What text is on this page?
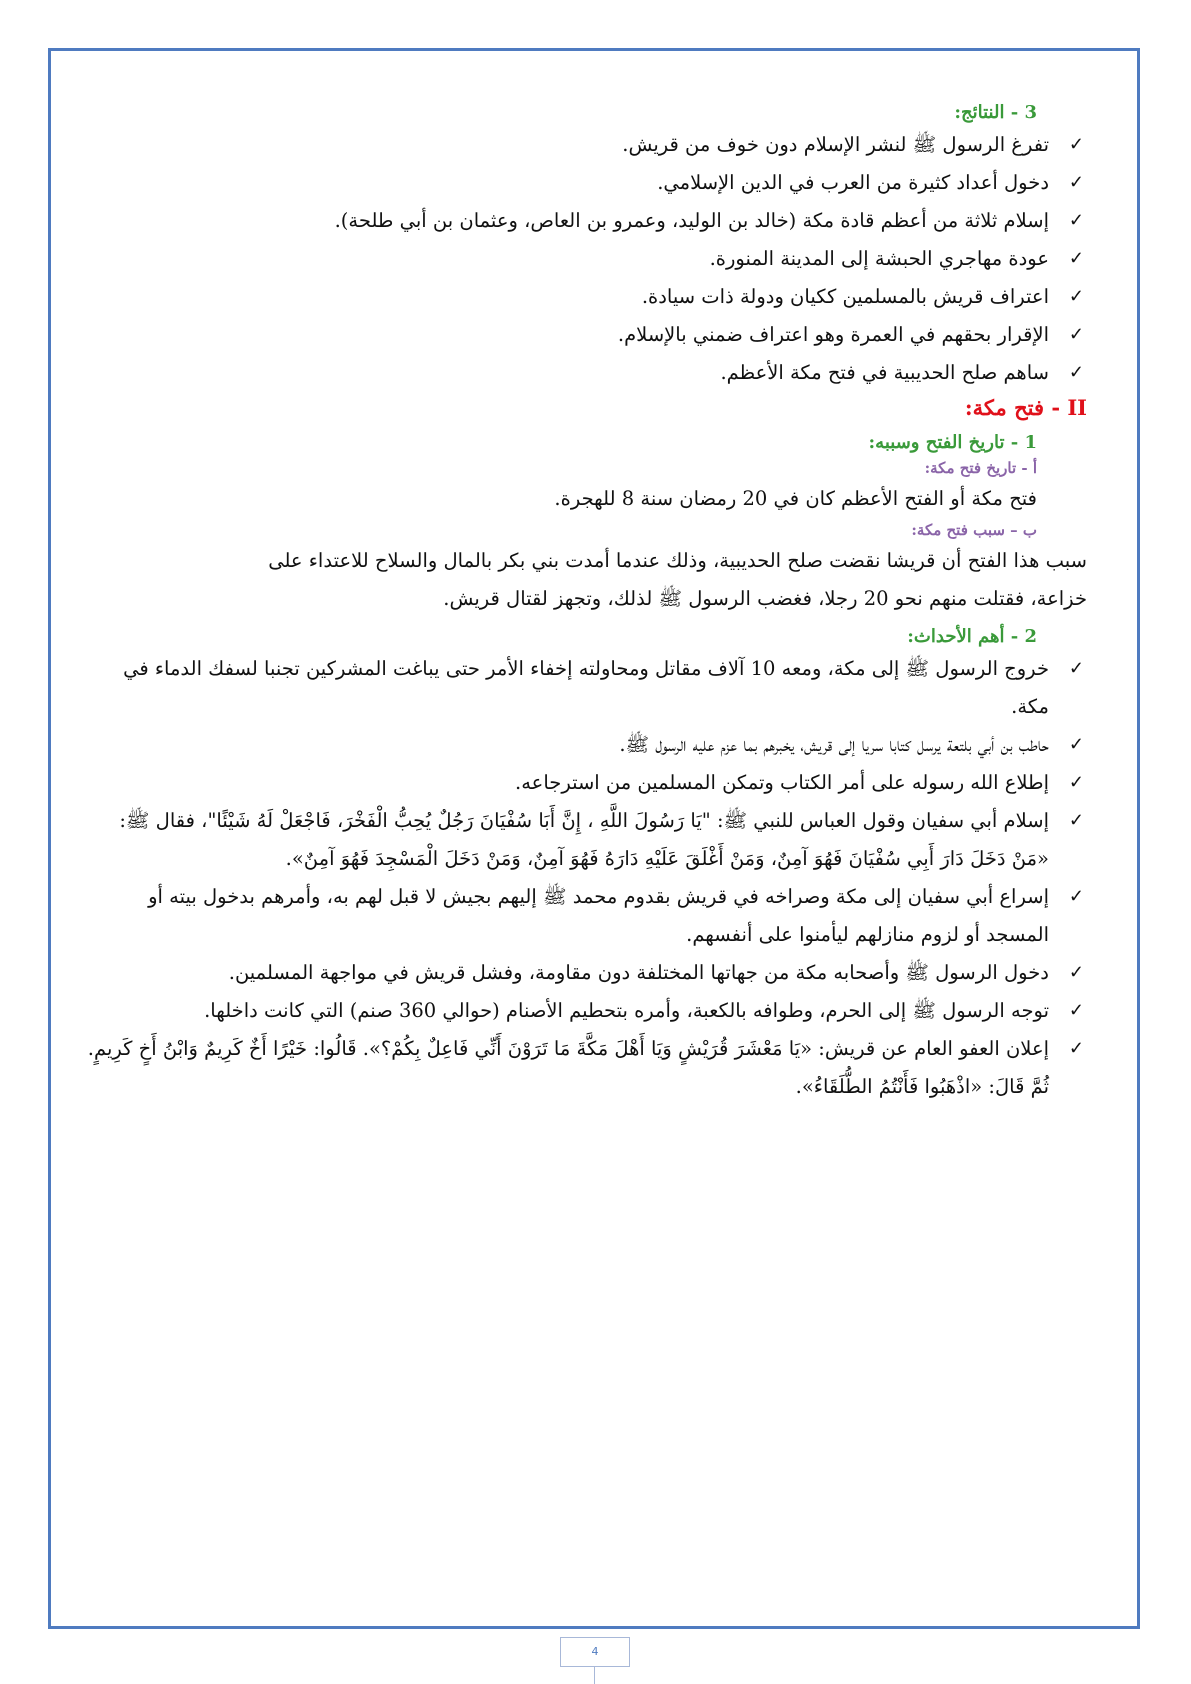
3 - النتائج:
✓
تفرغ الرسول ﷺ لنشر الإسلام دون خوف من قريش.
✓
دخول أعداد كثيرة من العرب في الدين الإسلامي.
✓
إسلام ثلاثة من أعظم قادة مكة (خالد بن الوليد، وعمرو بن العاص، وعثمان بن أبي طلحة).
✓
عودة مهاجري الحبشة إلى المدينة المنورة.
✓
اعتراف قريش بالمسلمين ككيان ودولة ذات سيادة.
✓
الإقرار بحقهم في العمرة وهو اعتراف ضمني بالإسلام.
✓
ساهم صلح الحديبية في فتح مكة الأعظم.
II - فتح مكة:
1 - تاريخ الفتح وسببه:
أ - تاريخ فتح مكة:
فتح مكة أو الفتح الأعظم كان في 20 رمضان سنة 8 للهجرة.
ب – سبب فتح مكة:
سبب هذا الفتح أن قريشا نقضت صلح الحديبية، وذلك عندما أمدت بني بكر بالمال والسلاح للاعتداء على
خزاعة، فقتلت منهم نحو 20 رجلا، فغضب الرسول ﷺ لذلك، وتجهز لقتال قريش.
2 - أهم الأحداث:
✓
خروج الرسول ﷺ إلى مكة، ومعه 10 آلاف مقاتل ومحاولته إخفاء الأمر حتى يباغت المشركين تجنبا لسفك الدماء في مكة.
✓
حاطب بن أبي بلتعة يرسل كتابا سريا إلى قريش، يخبرهم بما عزم عليه الرسول ﷺ.
✓
إطلاع الله رسوله على أمر الكتاب وتمكن المسلمين من استرجاعه.
✓
إسلام أبي سفيان وقول العباس للنبي ﷺ: "يَا رَسُولَ اللَّهِ ، إِنَّ أَبَا سُفْيَانَ رَجُلٌ يُحِبُّ الْفَخْرَ، فَاجْعَلْ لَهُ شَيْئًا"، فقال ﷺ: «مَنْ دَخَلَ دَارَ أَبِي سُفْيَانَ فَهُوَ آمِنٌ، وَمَنْ أَغْلَقَ عَلَيْهِ دَارَهُ فَهُوَ آمِنٌ، وَمَنْ دَخَلَ الْمَسْجِدَ فَهُوَ آمِنٌ».
✓
إسراع أبي سفيان إلى مكة وصراخه في قريش بقدوم محمد ﷺ إليهم بجيش لا قبل لهم به، وأمرهم بدخول بيته أو المسجد أو لزوم منازلهم ليأمنوا على أنفسهم.
✓
دخول الرسول ﷺ وأصحابه مكة من جهاتها المختلفة دون مقاومة، وفشل قريش في مواجهة المسلمين.
✓
توجه الرسول ﷺ إلى الحرم، وطوافه بالكعبة، وأمره بتحطيم الأصنام (حوالي 360 صنم) التي كانت داخلها.
✓
إعلان العفو العام عن قريش: «يَا مَعْشَرَ قُرَيْشٍ وَيَا أَهْلَ مَكَّةَ مَا تَرَوْنَ أَنِّي فَاعِلٌ بِكُمْ؟». قَالُوا: خَيْرًا أَخٌ كَرِيمٌ وَابْنُ أَخٍ كَرِيمٍ. ثُمَّ قَالَ: «اذْهَبُوا فَأَنْتُمُ الطُّلَقَاءُ».
4
